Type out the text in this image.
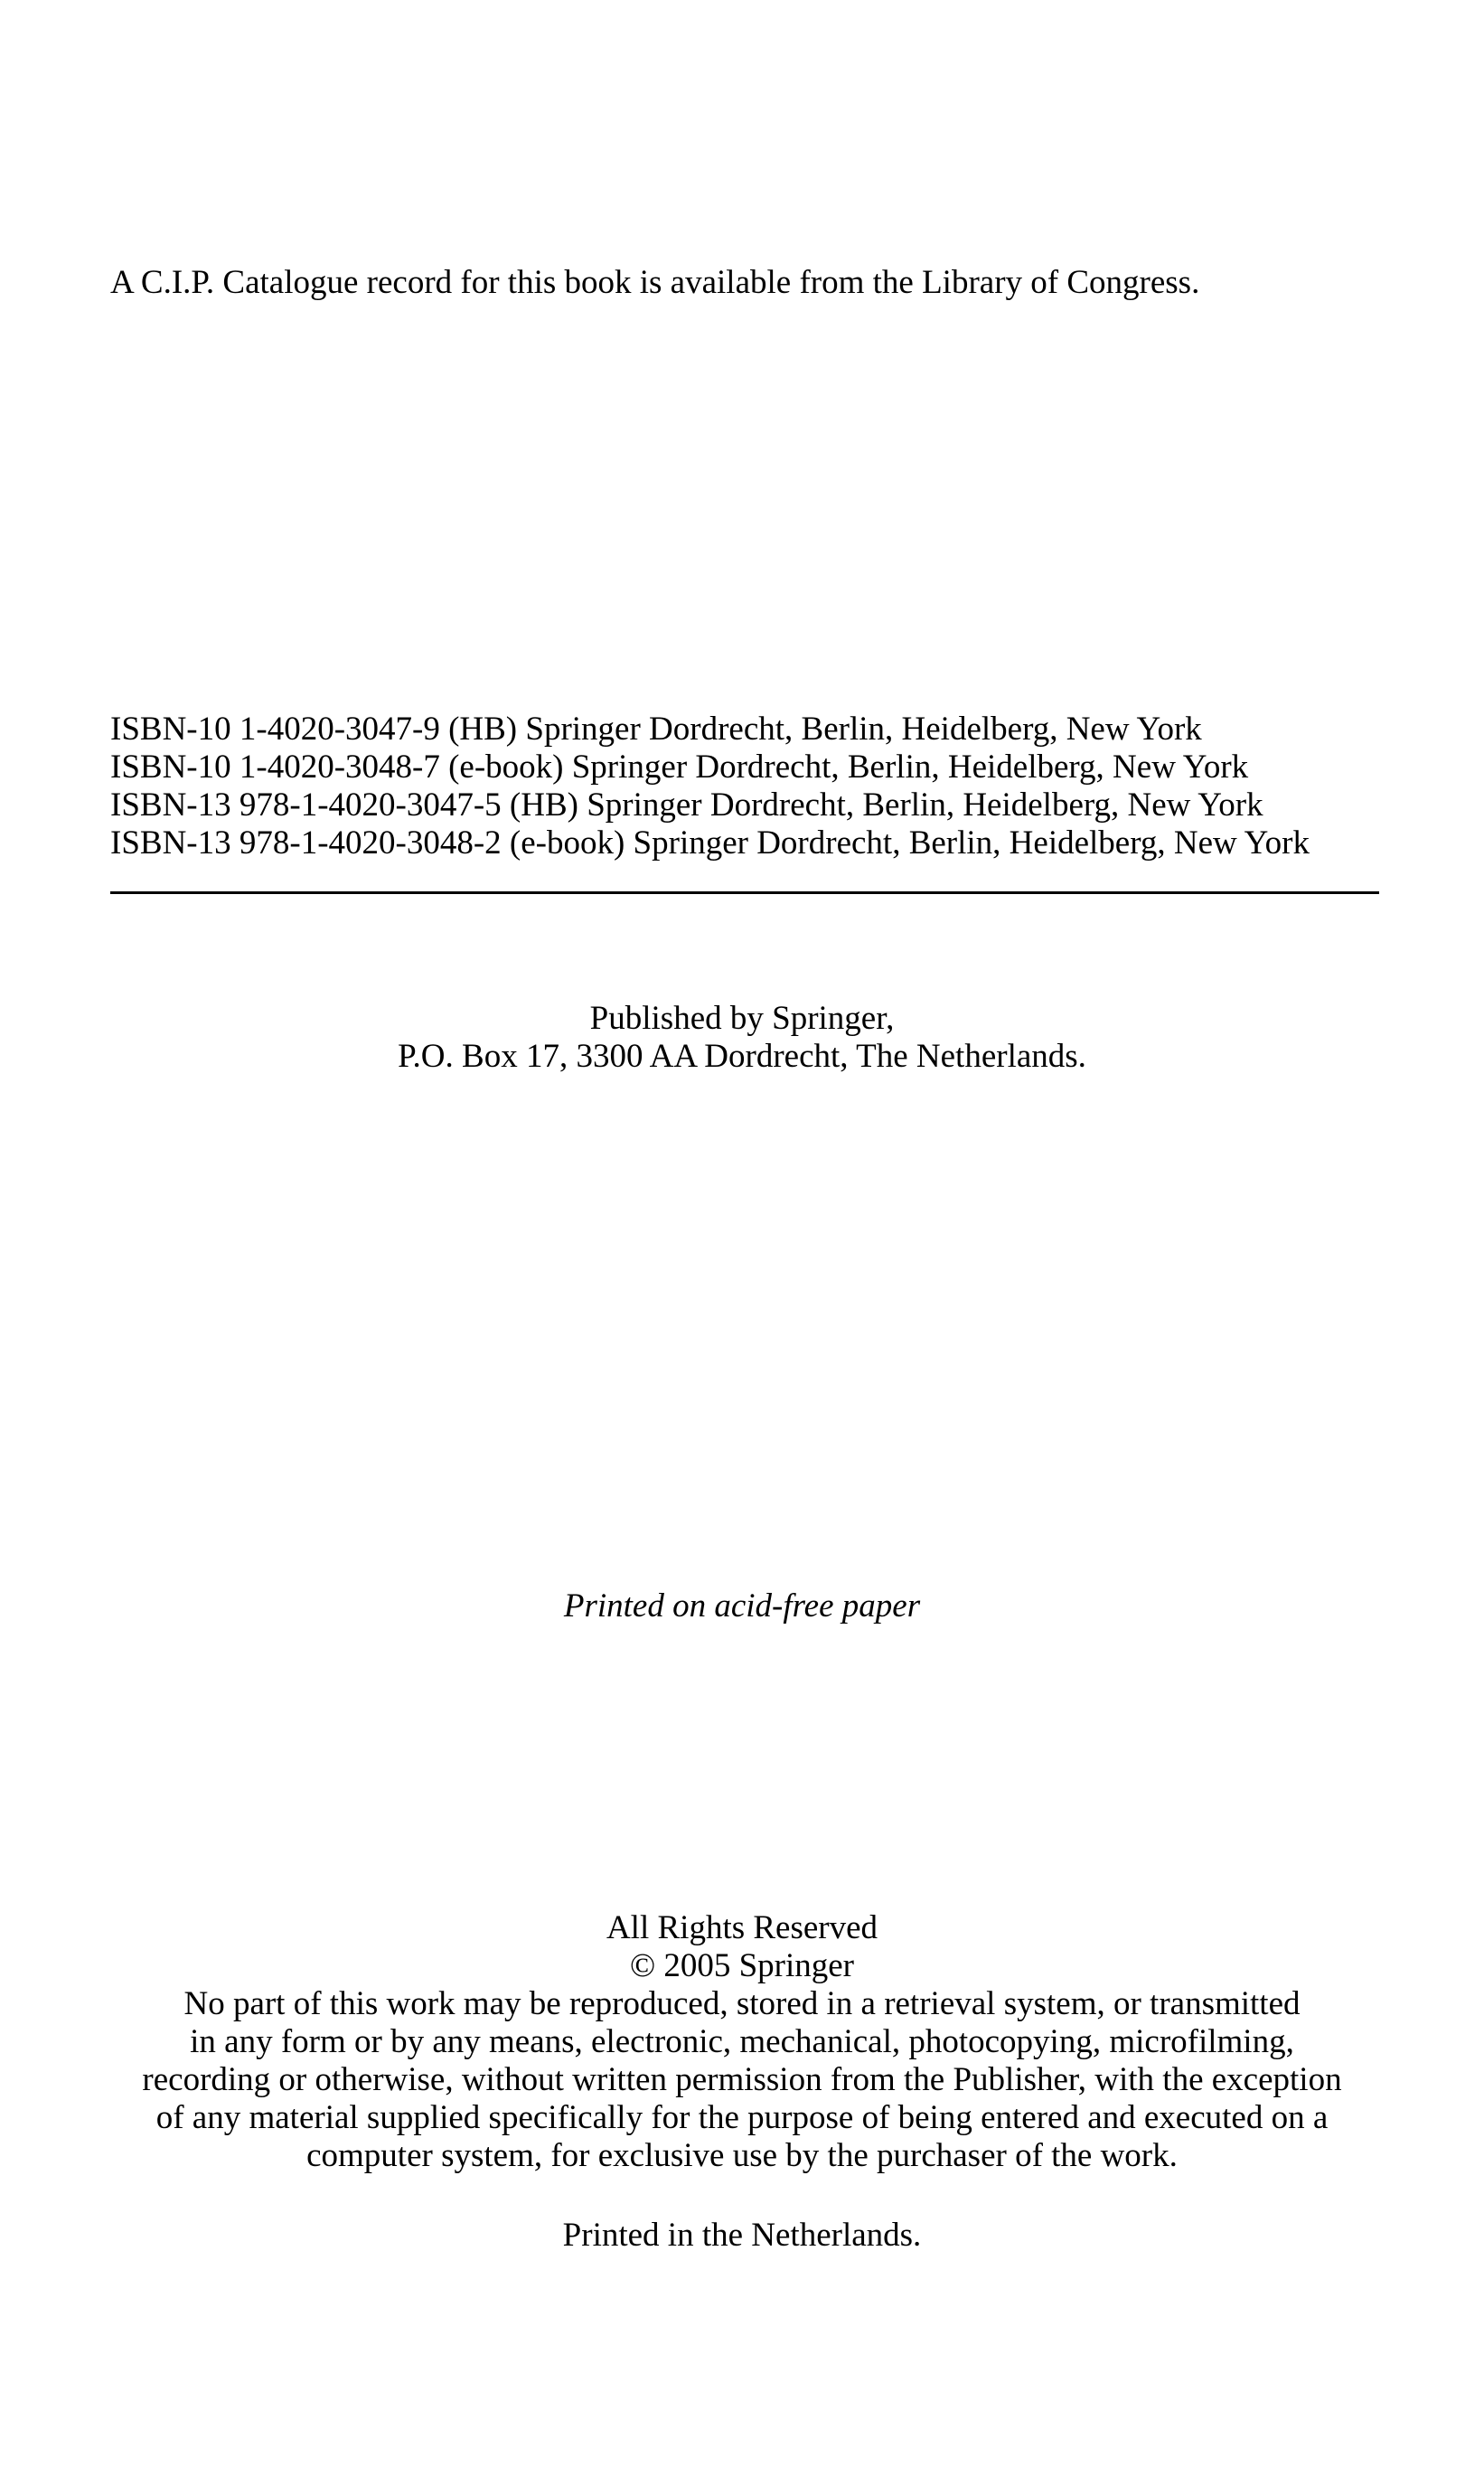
A C.I.P. Catalogue record for this book is available from the Library of Congress.
ISBN-10 1-4020-3047-9 (HB) Springer Dordrecht, Berlin, Heidelberg, New York
ISBN-10 1-4020-3048-7 (e-book) Springer Dordrecht, Berlin, Heidelberg, New York
ISBN-13 978-1-4020-3047-5 (HB) Springer Dordrecht, Berlin, Heidelberg, New York
ISBN-13 978-1-4020-3048-2 (e-book) Springer Dordrecht, Berlin, Heidelberg, New York
Published by Springer,
P.O. Box 17, 3300 AA Dordrecht, The Netherlands.
Printed on acid-free paper
All Rights Reserved
© 2005 Springer
No part of this work may be reproduced, stored in a retrieval system, or transmitted
in any form or by any means, electronic, mechanical, photocopying, microfilming,
recording or otherwise, without written permission from the Publisher, with the exception
of any material supplied specifically for the purpose of being entered and executed on a
computer system, for exclusive use by the purchaser of the work.
Printed in the Netherlands.
